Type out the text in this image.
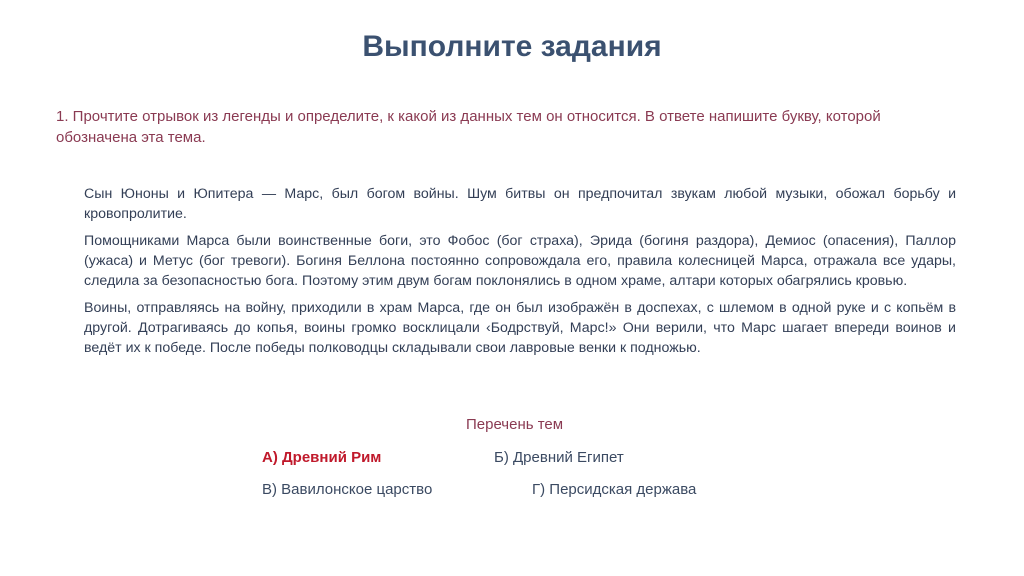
Выполните задания
1. Прочтите отрывок из легенды и определите, к какой из данных тем он относится. В ответе напишите букву, которой обозначена эта тема.

Сын Юноны и Юпитера — Марс, был богом войны. Шум битвы он предпочитал звукам любой музыки, обожал борьбу и кровопролитие.

Помощниками Марса были воинственные боги, это Фобос (бог страха), Эрида (богиня раздора), Демиос (опасения), Паллор (ужаса) и Метус (бог тревоги). Богиня Беллона постоянно сопровождала его, правила колесницей Марса, отражала все удары, следила за безопасностью бога. Поэтому этим двум богам поклонялись в одном храме, алтари которых обагрялись кровью.

Воины, отправляясь на войну, приходили в храм Марса, где он был изображён в доспехах, с шлемом в одной руке и с копьём в другой. Дотрагиваясь до копья, воины громко восклицали ‹Бодрствуй, Марс!» Они верили, что Марс шагает впереди воинов и ведёт их к победе. После победы полководцы складывали свои лавровые венки к подножью.

Перечень тем
А) Древний Рим	Б) Древний Египет
В) Вавилонское царство	Г) Персидская держава
